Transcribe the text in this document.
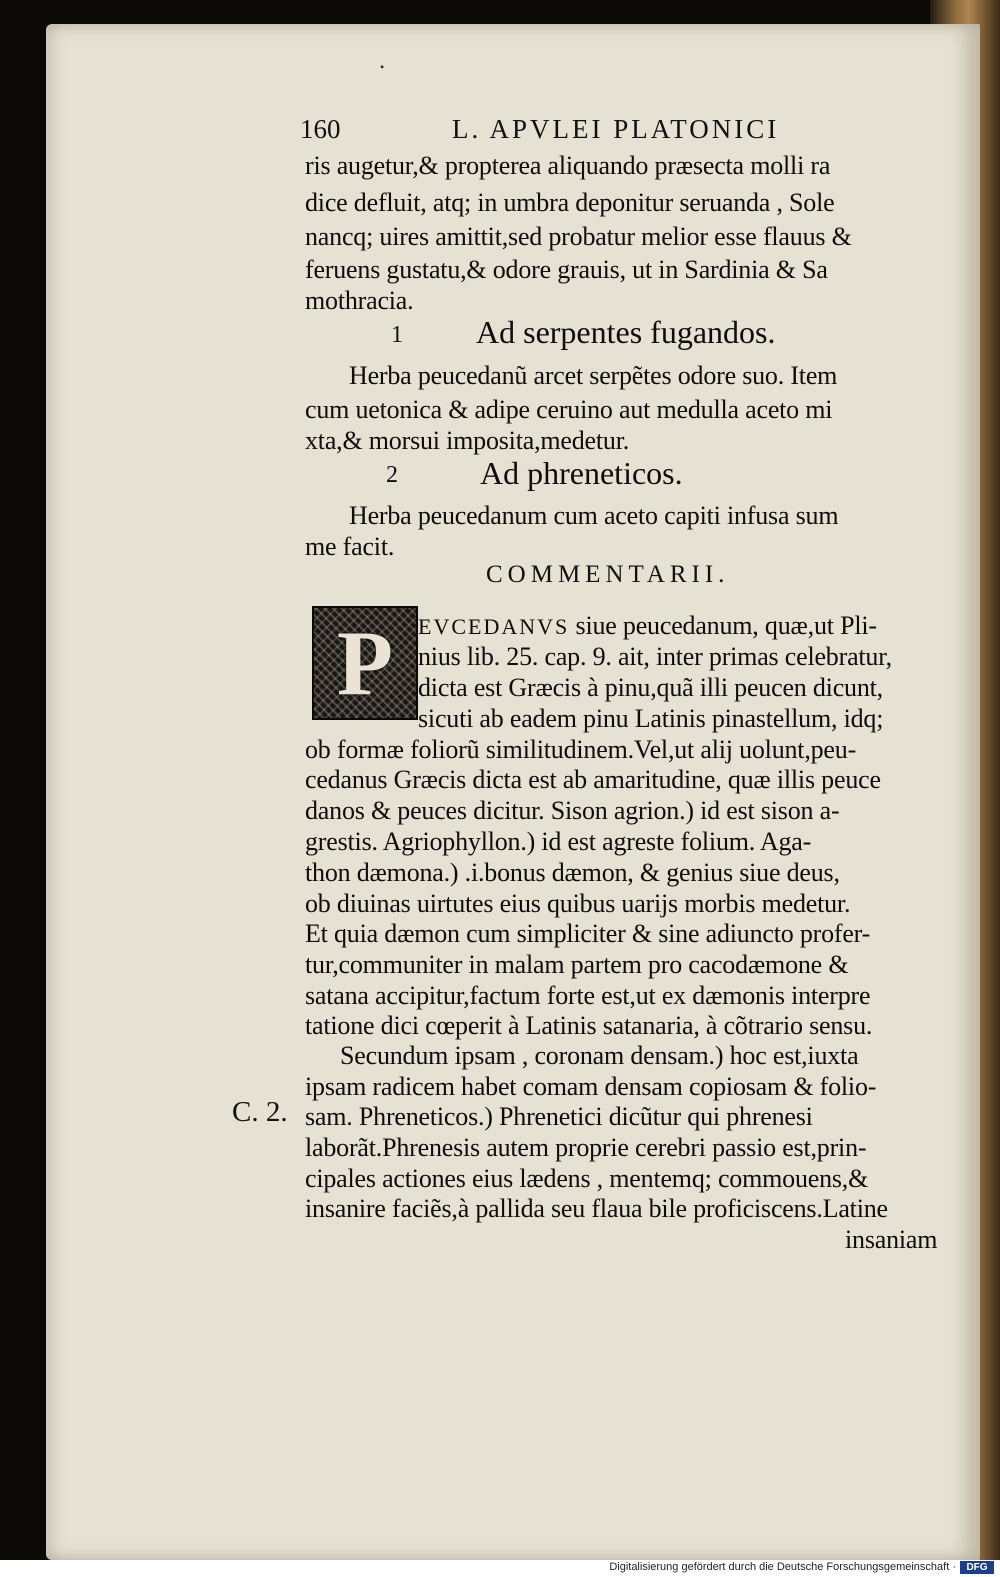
•
160	L. APVLEI PLATONICI
ris augetur,& propterea aliquando præsecta molli ra
dice defluit, atq; in umbra deponitur seruanda , Sole
nancq; uires amittit,sed probatur melior esse flauus &
feruens gustatu,& odore grauis, ut in Sardinia & Sa
mothracia.
1 Ad serpentes fugandos.
Herba peucedanũ arcet serpẽtes odore suo. Item
cum uetonica & adipe ceruino aut medulla aceto mi
xta,& morsui imposita,medetur.
2	Ad phreneticos.
Herba peucedanum cum aceto capiti infusa sum
me facit.
COMMENTARII.
P EVCEDANVS siue peucedanum, quæ,ut Pli-
nius lib. 25. cap. 9. ait, inter primas celebratur,
dicta est Græcis à pinu,quã illi peucen dicunt,
sicuti ab eadem pinu Latinis pinastellum, idq;
ob formæ foliorũ similitudinem.Vel,ut alij uolunt,peu-
cedanus Græcis dicta est ab amaritudine, quæ illis peuce
danos & peuces dicitur. Sison agrion.) id est sison a-
grestis. Agriophyllon.) id est agreste folium. Aga-
thon dæmona.) .i.bonus dæmon, & genius siue deus,
ob diuinas uirtutes eius quibus uarijs morbis medetur.
Et quia dæmon cum simpliciter & sine adiuncto profer-
tur,communiter in malam partem pro cacodæmone &
satana accipitur,factum forte est,ut ex dæmonis interpre
tatione dici cœperit à Latinis satanaria, à cõtrario sensu.
Secundum ipsam , coronam densam.) hoc est,iuxta
ipsam radicem habet comam densam copiosam & folio-
sam. Phreneticos.) Phrenetici dicũtur qui phrenesi
laborãt.Phrenesis autem proprie cerebri passio est,prin-
cipales actiones eius lædens , mentemq; commouens,&
insanire faciẽs,à pallida seu flaua bile proficiscens.Latine
insaniam
C. 2.
Digitalisierung gefördert durch die Deutsche Forschungsgemeinschaft ·	DFG
